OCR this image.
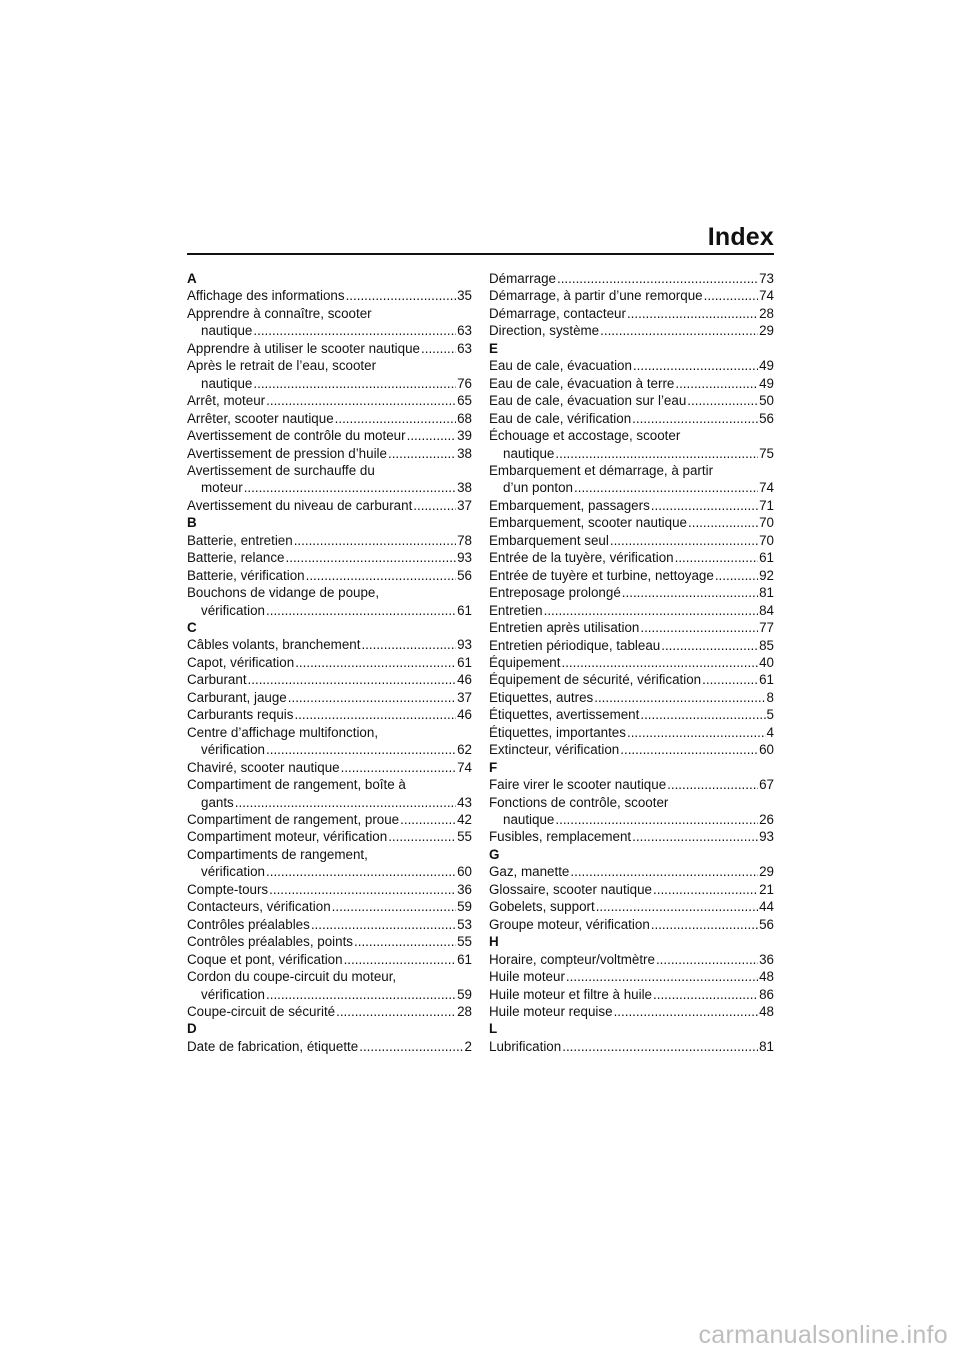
Index
A
Affichage des informations .....	35
Apprendre à connaître, scooter
nautique .....	63
Apprendre à utiliser le scooter nautique .....	63
Après le retrait de l’eau, scooter
nautique .....	76
Arrêt, moteur .....	65
Arrêter, scooter nautique .....	68
Avertissement de contrôle du moteur .....	39
Avertissement de pression d’huile .....	38
Avertissement de surchauffe du
moteur .....	38
Avertissement du niveau de carburant .....	37
B
Batterie, entretien .....	78
Batterie, relance .....	93
Batterie, vérification .....	56
Bouchons de vidange de poupe,
vérification .....	61
C
Câbles volants, branchement .....	93
Capot, vérification .....	61
Carburant .....	46
Carburant, jauge .....	37
Carburants requis .....	46
Centre d’affichage multifonction,
vérification .....	62
Chaviré, scooter nautique .....	74
Compartiment de rangement, boîte à
gants .....	43
Compartiment de rangement, proue .....	42
Compartiment moteur, vérification .....	55
Compartiments de rangement,
vérification .....	60
Compte-tours .....	36
Contacteurs, vérification .....	59
Contrôles préalables .....	53
Contrôles préalables, points .....	55
Coque et pont, vérification .....	61
Cordon du coupe-circuit du moteur,
vérification .....	59
Coupe-circuit de sécurité .....	28
D
Date de fabrication, étiquette .....	2
Démarrage .....	73
Démarrage, à partir d’une remorque .....	74
Démarrage, contacteur .....	28
Direction, système .....	29
E
Eau de cale, évacuation .....	49
Eau de cale, évacuation à terre .....	49
Eau de cale, évacuation sur l’eau .....	50
Eau de cale, vérification .....	56
Échouage et accostage, scooter
nautique .....	75
Embarquement et démarrage, à partir
d’un ponton .....	74
Embarquement, passagers .....	71
Embarquement, scooter nautique .....	70
Embarquement seul .....	70
Entrée de la tuyère, vérification .....	61
Entrée de tuyère et turbine, nettoyage .....	92
Entreposage prolongé .....	81
Entretien .....	84
Entretien après utilisation .....	77
Entretien périodique, tableau .....	85
Équipement .....	40
Équipement de sécurité, vérification .....	61
Etiquettes, autres .....	8
Étiquettes, avertissement .....	5
Étiquettes, importantes .....	4
Extincteur, vérification .....	60
F
Faire virer le scooter nautique .....	67
Fonctions de contrôle, scooter
nautique .....	26
Fusibles, remplacement .....	93
G
Gaz, manette .....	29
Glossaire, scooter nautique .....	21
Gobelets, support .....	44
Groupe moteur, vérification .....	56
H
Horaire, compteur/voltmètre .....	36
Huile moteur .....	48
Huile moteur et filtre à huile .....	86
Huile moteur requise .....	48
L
Lubrification .....	81
carmanualsonline.info
